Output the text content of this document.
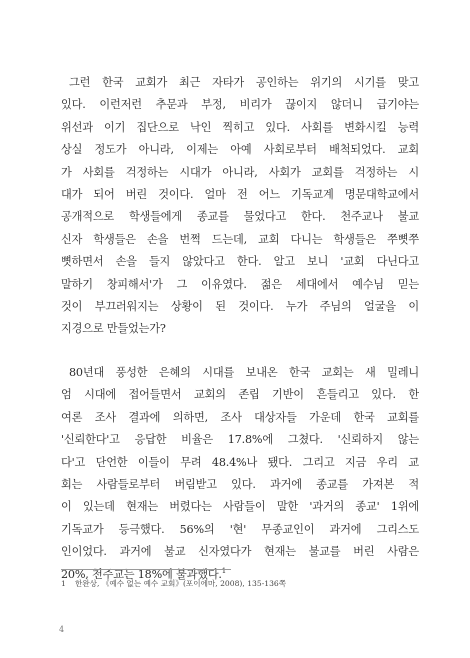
그런 한국 교회가 최근 자타가 공인하는 위기의 시기를 맞고
있다. 이런저런 추문과 부정, 비리가 끊이지 않더니 급기야는
위선과 이기 집단으로 낙인 찍히고 있다. 사회를 변화시킬 능력
상실 정도가 아니라, 이제는 아예 사회로부터 배척되었다. 교회
가 사회를 걱정하는 시대가 아니라, 사회가 교회를 걱정하는 시
대가 되어 버린 것이다. 얼마 전 어느 기독교계 명문대학교에서
공개적으로 학생들에게 종교를 물었다고 한다. 천주교나 불교
신자 학생들은 손을 번쩍 드는데, 교회 다니는 학생들은 쭈뼛쭈
뼛하면서 손을 들지 않았다고 한다. 알고 보니 '교회 다닌다고
말하기 창피해서'가 그 이유였다. 젊은 세대에서 예수님 믿는
것이 부끄러워지는 상황이 된 것이다. 누가 주님의 얼굴을 이
지경으로 만들었는가?

80년대 풍성한 은혜의 시대를 보내온 한국 교회는 새 밀레니
엄 시대에 접어들면서 교회의 존립 기반이 흔들리고 있다. 한
여론 조사 결과에 의하면, 조사 대상자들 가운데 한국 교회를
'신뢰한다'고 응답한 비율은 17.8%에 그쳤다. '신뢰하지 않는
다'고 단언한 이들이 무려 48.4%나 됐다. 그리고 지금 우리 교
회는 사람들로부터 버림받고 있다. 과거에 종교를 가져본 적
이 있는데 현재는 버렸다는 사람들이 말한 '과거의 종교' 1위에
기독교가 등극했다. 56%의 '현' 무종교인이 과거에 그리스도
인이었다. 과거에 불교 신자였다가 현재는 불교를 버린 사람은
20%, 천주교는 18%에 불과했다.$^1$

1 한완상, 《예수 없는 예수 교회》(포이에마, 2008), 135-136쪽
4
